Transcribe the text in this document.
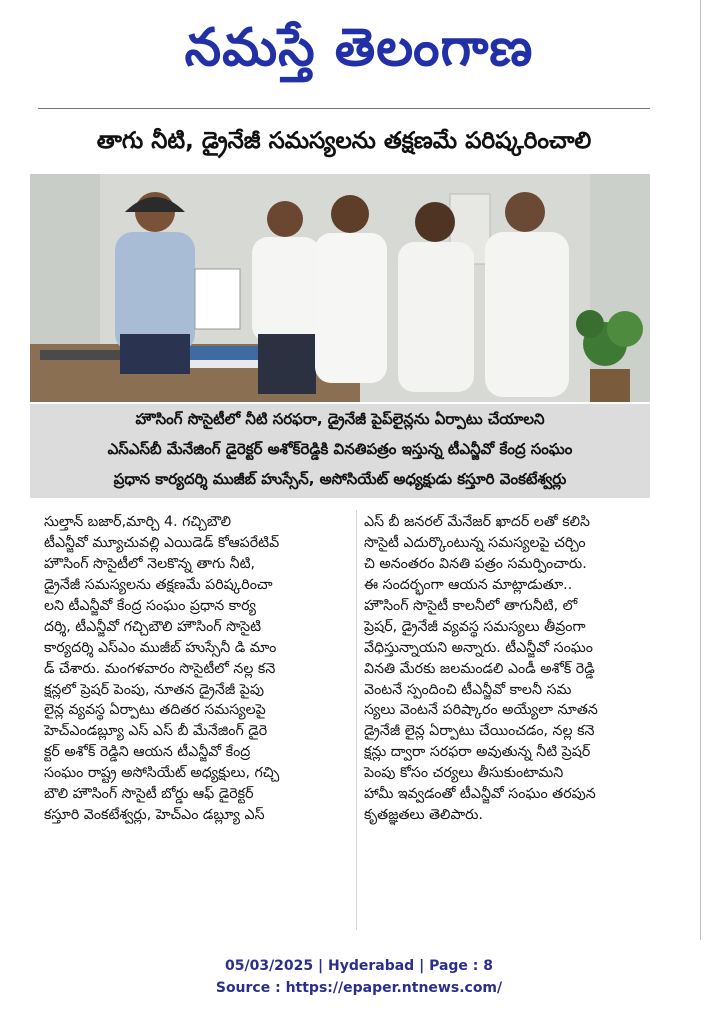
నమస్తే తెలంగాణ
తాగు నీటి, డ్రైనేజీ సమస్యలను తక్షణమే పరిష్కరించాలి
హౌసింగ్ సొసైటీలో నీటి సరఫరా, డ్రైనేజీ పైప్‌లైన్లను ఏర్పాటు చేయాలని
ఎస్ఎస్‌బీ మేనేజింగ్ డైరెక్టర్ అశోక్‌రెడ్డికి వినతిపత్రం ఇస్తున్న టీఎన్జీవో కేంద్ర సంఘం
ప్రధాన కార్యదర్శి ముజీబ్ హుస్సేన్, అసోసియేట్ అధ్యక్షుడు కస్తూరి వెంకటేశ్వర్లు
సుల్తాన్ బజార్,మార్చి 4. గచ్చిబౌలి
టీఎన్జీవో మ్యూచువల్లి ఎయిడెడ్ కోఆపరేటివ్
హౌసింగ్ సొసైటీలో నెలకొన్న తాగు నీటి,
డ్రైనేజీ సమస్యలను తక్షణమే పరిష్కరించా
లని టీఎన్జీవో కేంద్ర సంఘం ప్రధాన కార్య
దర్శి, టీఎన్జీవో గచ్చిబౌలి హౌసింగ్ సొసైటి
కార్యదర్శి ఎస్ఎం ముజీబ్ హుస్సేనీ డి మాం
డ్ చేశారు. మంగళవారం సొసైటీలో నల్ల కనె
క్షన్లలో ప్రెషర్ పెంపు, నూతన డ్రైనేజీ పైపు
లైన్ల వ్యవస్థ ఏర్పాటు తదితర సమస్యలపై
హెచ్ఎండబ్ల్యూ ఎస్ ఎస్ బీ మేనేజింగ్ డైరె
క్టర్ అశోక్ రెడ్డిని ఆయన టీఎన్జీవో కేంద్ర
సంఘం రాష్ట్ర అసోసియేట్ అధ్యక్షులు, గచ్చి
బౌలి హౌసింగ్ సొసైటీ బోర్డు ఆఫ్ డైరెక్టర్
కస్తూరి వెంకటేశ్వర్లు, హెచ్ఎం డబ్ల్యూ ఎస్
ఎస్ బీ జనరల్ మేనేజర్ ఖాదర్ లతో కలిసి
సొసైటీ ఎదుర్కొంటున్న సమస్యలపై చర్చిం
చి అనంతరం వినతి పత్రం సమర్పించారు.
ఈ సందర్భంగా ఆయన మాట్లాడుతూ..
హౌసింగ్ సొసైటీ కాలనీలో తాగునీటి, లో
ప్రెషర్, డ్రైనేజీ వ్యవస్థ సమస్యలు తీవ్రంగా
వేధిస్తున్నాయని అన్నారు. టీఎన్జీవో సంఘం
వినతి మేరకు జలమండలి ఎండీ అశోక్ రెడ్డి
వెంటనే స్పందించి టీఎన్జీవో కాలనీ సమ
స్యలు వెంటనే పరిష్కారం అయ్యేలా నూతన
డ్రైనేజీ లైన్ల ఏర్పాటు చేయించడం, నల్ల కనె
క్షన్లు ద్వారా సరఫరా అవుతున్న నీటి ప్రెషర్
పెంపు కోసం చర్యలు తీసుకుంటామని
హామీ ఇవ్వడంతో టీఎన్జీవో సంఘం తరపున
కృతజ్ఞతలు తెలిపారు.
05/03/2025 | Hyderabad | Page : 8
Source : https://epaper.ntnews.com/
